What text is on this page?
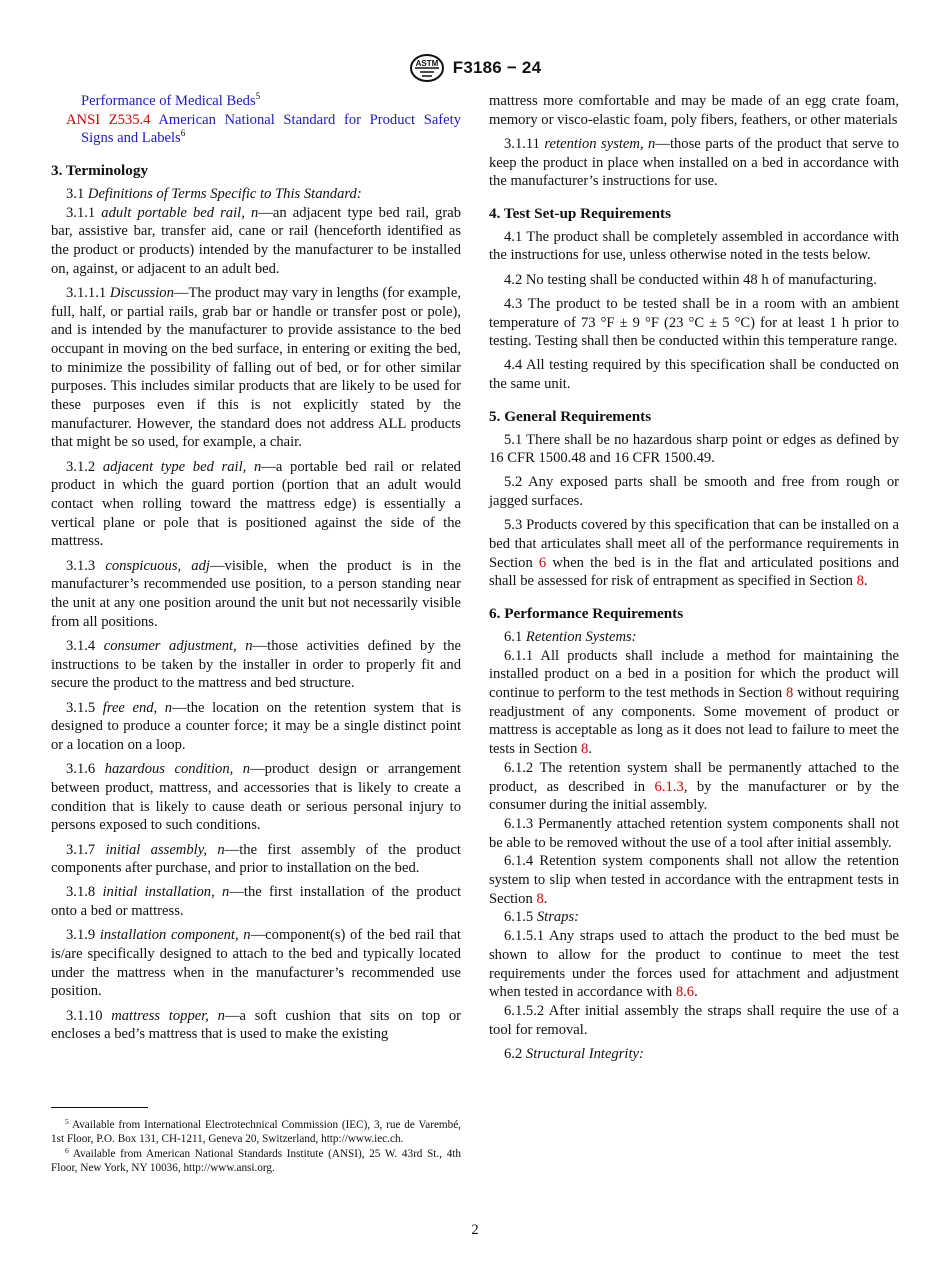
ASTM F3186 − 24

Performance of Medical Beds$^5$

ANSI Z535.4 American National Standard for Product Safety Signs and Labels$^6$

3. Terminology

3.1 Definitions of Terms Specific to This Standard:

3.1.1 adult portable bed rail, n—an adjacent type bed rail, grab bar, assistive bar, transfer aid, cane or rail (henceforth identified as the product or products) intended by the manufacturer to be installed on, against, or adjacent to an adult bed.

3.1.1.1 Discussion—The product may vary in lengths (for example, full, half, or partial rails, grab bar or handle or transfer post or pole), and is intended by the manufacturer to provide assistance to the bed occupant in moving on the bed surface, in entering or exiting the bed, to minimize the possibility of falling out of bed, or for other similar purposes. This includes similar products that are likely to be used for these purposes even if this is not explicitly stated by the manufacturer. However, the standard does not address ALL products that might be so used, for example, a chair.

3.1.2 adjacent type bed rail, n—a portable bed rail or related product in which the guard portion (portion that an adult would contact when rolling toward the mattress edge) is essentially a vertical plane or pole that is positioned against the side of the mattress.

3.1.3 conspicuous, adj—visible, when the product is in the manufacturer’s recommended use position, to a person standing near the unit at any one position around the unit but not necessarily visible from all positions.

3.1.4 consumer adjustment, n—those activities defined by the instructions to be taken by the installer in order to properly fit and secure the product to the mattress and bed structure.

3.1.5 free end, n—the location on the retention system that is designed to produce a counter force; it may be a single distinct point or a location on a loop.

3.1.6 hazardous condition, n—product design or arrangement between product, mattress, and accessories that is likely to create a condition that is likely to cause death or serious personal injury to persons exposed to such conditions.

3.1.7 initial assembly, n—the first assembly of the product components after purchase, and prior to installation on the bed.

3.1.8 initial installation, n—the first installation of the product onto a bed or mattress.

3.1.9 installation component, n—component(s) of the bed rail that is/are specifically designed to attach to the bed and typically located under the mattress when in the manufacturer’s recommended use position.

3.1.10 mattress topper, n—a soft cushion that sits on top or encloses a bed’s mattress that is used to make the existing

$^5$ Available from International Electrotechnical Commission (IEC), 3, rue de Varembé, 1st Floor, P.O. Box 131, CH-1211, Geneva 20, Switzerland, http://www.iec.ch.

$^6$ Available from American National Standards Institute (ANSI), 25 W. 43rd St., 4th Floor, New York, NY 10036, http://www.ansi.org.

mattress more comfortable and may be made of an egg crate foam, memory or visco-elastic foam, poly fibers, feathers, or other materials

3.1.11 retention system, n—those parts of the product that serve to keep the product in place when installed on a bed in accordance with the manufacturer’s instructions for use.

4. Test Set-up Requirements

4.1 The product shall be completely assembled in accordance with the instructions for use, unless otherwise noted in the tests below.

4.2 No testing shall be conducted within 48 h of manufacturing.

4.3 The product to be tested shall be in a room with an ambient temperature of 73 °F ± 9 °F (23 °C ± 5 °C) for at least 1 h prior to testing. Testing shall then be conducted within this temperature range.

4.4 All testing required by this specification shall be conducted on the same unit.

5. General Requirements

5.1 There shall be no hazardous sharp point or edges as defined by 16 CFR 1500.48 and 16 CFR 1500.49.

5.2 Any exposed parts shall be smooth and free from rough or jagged surfaces.

5.3 Products covered by this specification that can be installed on a bed that articulates shall meet all of the performance requirements in Section 6 when the bed is in the flat and articulated positions and shall be assessed for risk of entrapment as specified in Section 8.

6. Performance Requirements

6.1 Retention Systems:

6.1.1 All products shall include a method for maintaining the installed product on a bed in a position for which the product will continue to perform to the test methods in Section 8 without requiring readjustment of any components. Some movement of product or mattress is acceptable as long as it does not lead to failure to meet the tests in Section 8.

6.1.2 The retention system shall be permanently attached to the product, as described in 6.1.3, by the manufacturer or by the consumer during the initial assembly.

6.1.3 Permanently attached retention system components shall not be able to be removed without the use of a tool after initial assembly.

6.1.4 Retention system components shall not allow the retention system to slip when tested in accordance with the entrapment tests in Section 8.

6.1.5 Straps:

6.1.5.1 Any straps used to attach the product to the bed must be shown to allow for the product to continue to meet the test requirements under the forces used for attachment and adjustment when tested in accordance with 8.6.

6.1.5.2 After initial assembly the straps shall require the use of a tool for removal.

6.2 Structural Integrity:

2
